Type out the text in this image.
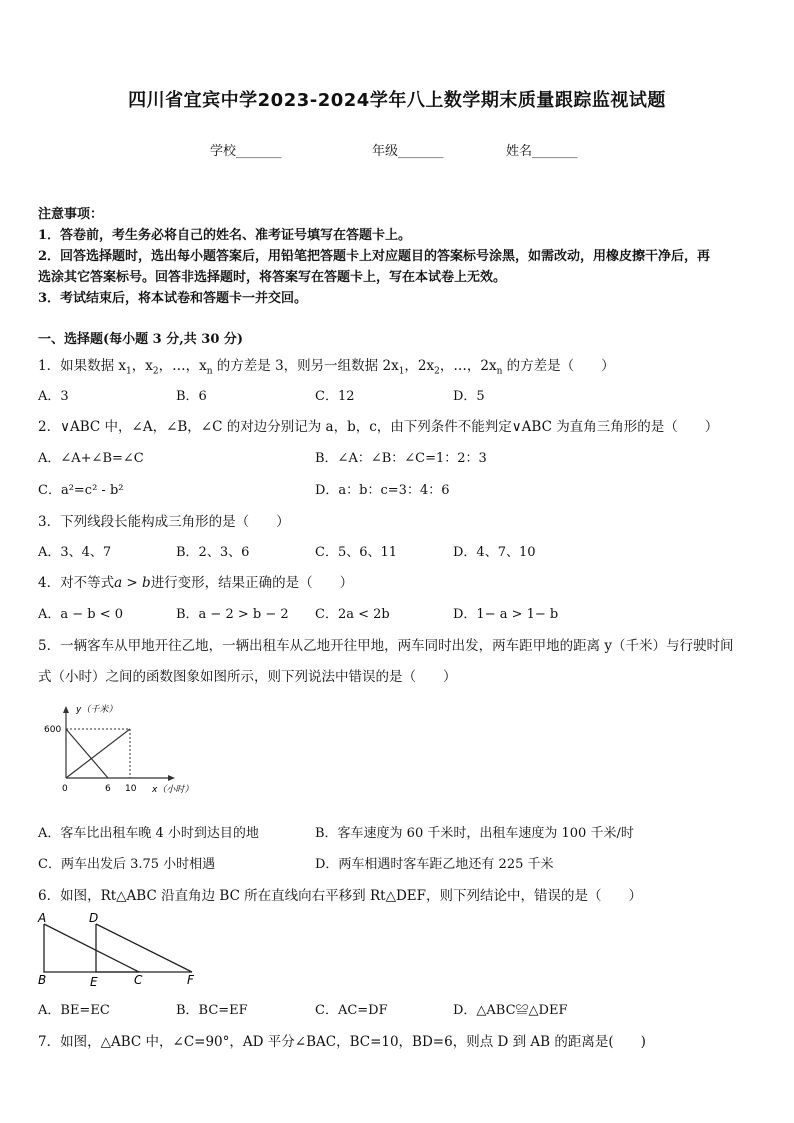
四川省宜宾中学2023-2024学年八上数学期末质量跟踪监视试题
学校_______	年级_______	姓名_______
注意事项：
1．答卷前，考生务必将自己的姓名、准考证号填写在答题卡上。
2．回答选择题时，选出每小题答案后，用铅笔把答题卡上对应题目的答案标号涂黑，如需改动，用橡皮擦干净后，再
选涂其它答案标号。回答非选择题时，将答案写在答题卡上，写在本试卷上无效。
3．考试结束后，将本试卷和答题卡一并交回。
一、选择题(每小题 3 分,共 30 分)
1．如果数据 $x_1$，$x_2$，…，$x_n$ 的方差是 3，则另一组数据 $2x_1$，$2x_2$，…，$2x_n$ 的方差是（　　）
A．3	B．6	C．12	D．5
2．∨ABC 中，∠A，∠B，∠C 的对边分别记为 a，b，c，由下列条件不能判定∨ABC 为直角三角形的是（　　）
A．∠A+∠B=∠C	B．∠A：∠B：∠C=1：2：3
C．a²=c² - b²	D．a：b：c=3：4：6
3．下列线段长能构成三角形的是（　　）
A．3、4、7	B．2、3、6	C．5、6、11	D．4、7、10
4．对不等式a > b进行变形，结果正确的是（　　）
A．a − b < 0	B．a − 2 > b − 2 C．2a < 2b	D．1− a > 1− b
5．一辆客车从甲地开往乙地，一辆出租车从乙地开往甲地，两车同时出发，两车距甲地的距离 y（千米）与行驶时间
式（小时）之间的函数图象如图所示，则下列说法中错误的是（　　）
y（千米）
600
0	6 10 x（小时）
A．客车比出租车晚 4 小时到达目的地	B．客车速度为 60 千米时，出租车速度为 100 千米/时
C．两车出发后 3.75 小时相遇	D．两车相遇时客车距乙地还有 225 千米
6．如图，Rt△ABC 沿直角边 BC 所在直线向右平移到 Rt△DEF，则下列结论中，错误的是（　　）
A
B	C
D
E	F
A．BE=EC	B．BC=EF	C．AC=DF	D．△ABC≌△DEF
7．如图，△ABC 中，∠C=90°，AD 平分∠BAC，BC=10，BD=6，则点 D 到 AB 的距离是(　　)
